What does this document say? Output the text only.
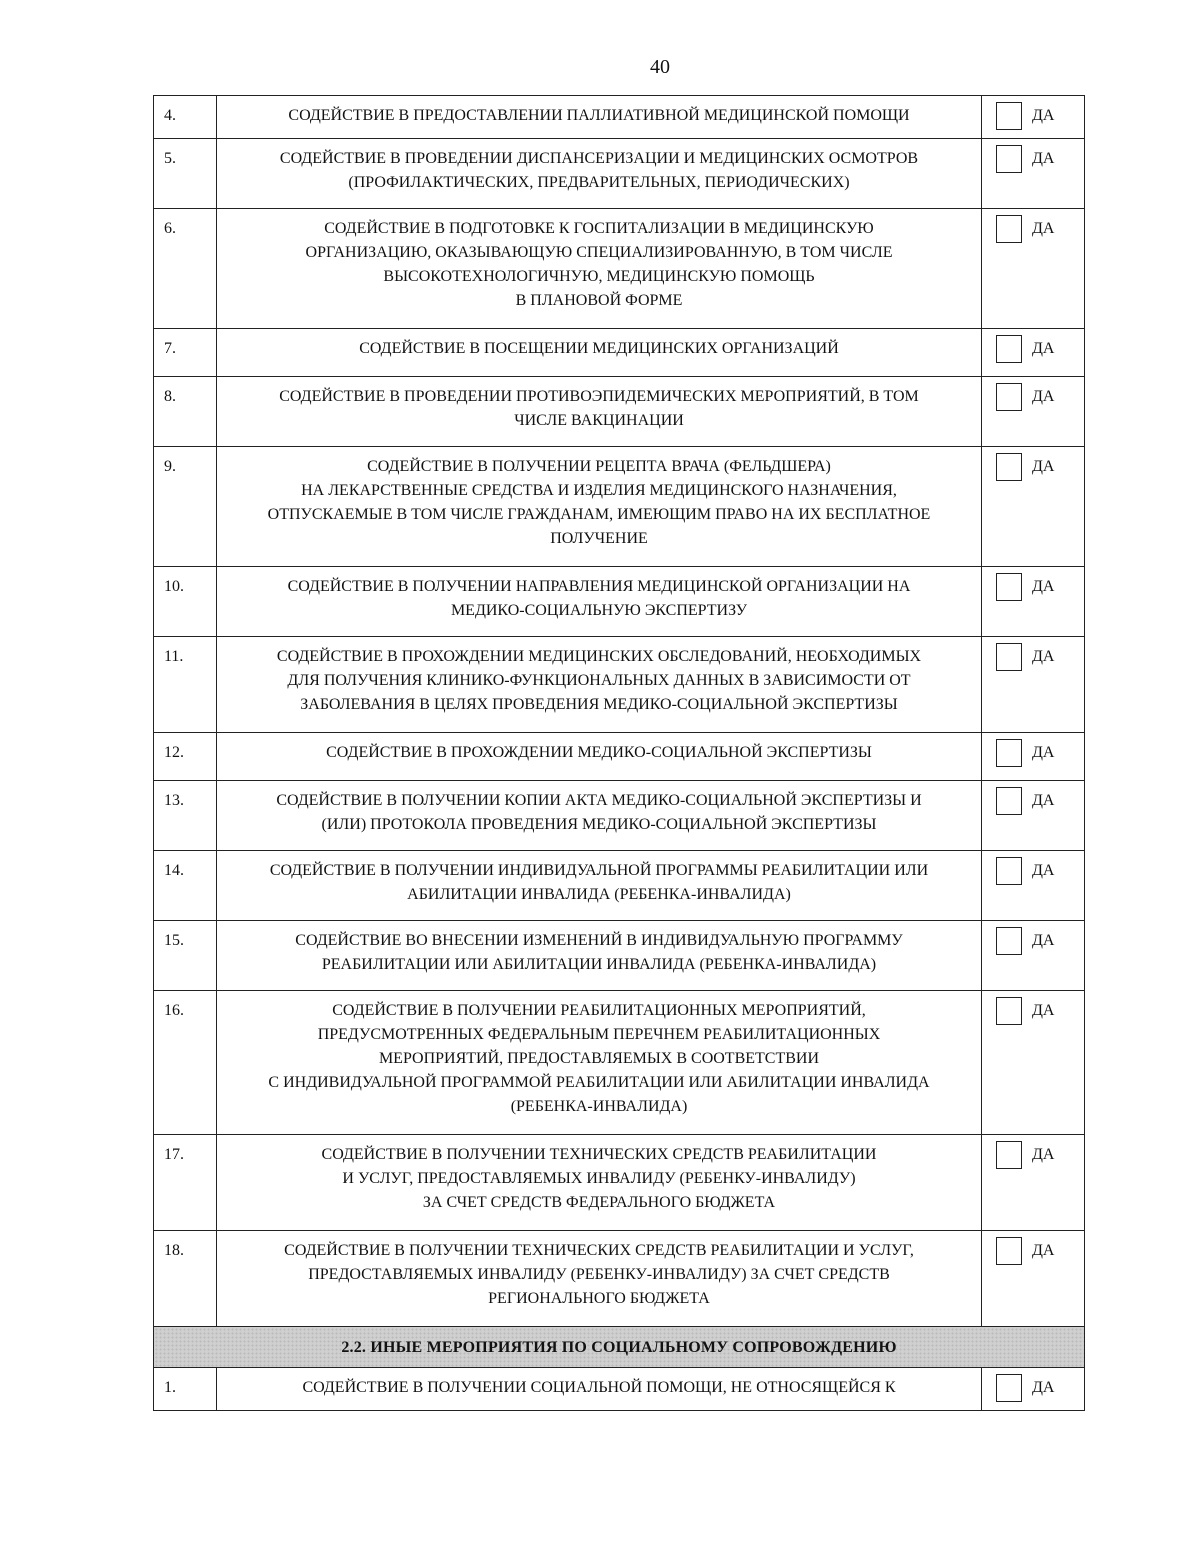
40
4.	СОДЕЙСТВИЕ В ПРЕДОСТАВЛЕНИИ ПАЛЛИАТИВНОЙ МЕДИЦИНСКОЙ ПОМОЩИ	ДА

5.	СОДЕЙСТВИЕ В ПРОВЕДЕНИИ ДИСПАНСЕРИЗАЦИИ И МЕДИЦИНСКИХ ОСМОТРОВ
(ПРОФИЛАКТИЧЕСКИХ, ПРЕДВАРИТЕЛЬНЫХ, ПЕРИОДИЧЕСКИХ)	ДА

6.	СОДЕЙСТВИЕ В ПОДГОТОВКЕ К ГОСПИТАЛИЗАЦИИ В МЕДИЦИНСКУЮ
ОРГАНИЗАЦИЮ, ОКАЗЫВАЮЩУЮ СПЕЦИАЛИЗИРОВАННУЮ, В ТОМ ЧИСЛЕ
ВЫСОКОТЕХНОЛОГИЧНУЮ, МЕДИЦИНСКУЮ ПОМОЩЬ
В ПЛАНОВОЙ ФОРМЕ	ДА

7.	СОДЕЙСТВИЕ В ПОСЕЩЕНИИ МЕДИЦИНСКИХ ОРГАНИЗАЦИЙ	ДА

8.	СОДЕЙСТВИЕ В ПРОВЕДЕНИИ ПРОТИВОЭПИДЕМИЧЕСКИХ МЕРОПРИЯТИЙ, В ТОМ
ЧИСЛЕ ВАКЦИНАЦИИ	ДА

9.	СОДЕЙСТВИЕ В ПОЛУЧЕНИИ РЕЦЕПТА ВРАЧА (ФЕЛЬДШЕРА)
НА ЛЕКАРСТВЕННЫЕ СРЕДСТВА И ИЗДЕЛИЯ МЕДИЦИНСКОГО НАЗНАЧЕНИЯ,
ОТПУСКАЕМЫЕ В ТОМ ЧИСЛЕ ГРАЖДАНАМ, ИМЕЮЩИМ ПРАВО НА ИХ БЕСПЛАТНОЕ
ПОЛУЧЕНИЕ	ДА

10.	СОДЕЙСТВИЕ В ПОЛУЧЕНИИ НАПРАВЛЕНИЯ МЕДИЦИНСКОЙ ОРГАНИЗАЦИИ НА
МЕДИКО-СОЦИАЛЬНУЮ ЭКСПЕРТИЗУ	ДА

11.	СОДЕЙСТВИЕ В ПРОХОЖДЕНИИ МЕДИЦИНСКИХ ОБСЛЕДОВАНИЙ, НЕОБХОДИМЫХ
ДЛЯ ПОЛУЧЕНИЯ КЛИНИКО-ФУНКЦИОНАЛЬНЫХ ДАННЫХ В ЗАВИСИМОСТИ ОТ
ЗАБОЛЕВАНИЯ В ЦЕЛЯХ ПРОВЕДЕНИЯ МЕДИКО-СОЦИАЛЬНОЙ ЭКСПЕРТИЗЫ	ДА

12.	СОДЕЙСТВИЕ В ПРОХОЖДЕНИИ МЕДИКО-СОЦИАЛЬНОЙ ЭКСПЕРТИЗЫ	ДА

13.	СОДЕЙСТВИЕ В ПОЛУЧЕНИИ КОПИИ АКТА МЕДИКО-СОЦИАЛЬНОЙ ЭКСПЕРТИЗЫ И
(ИЛИ) ПРОТОКОЛА ПРОВЕДЕНИЯ МЕДИКО-СОЦИАЛЬНОЙ ЭКСПЕРТИЗЫ	ДА

14.	СОДЕЙСТВИЕ В ПОЛУЧЕНИИ ИНДИВИДУАЛЬНОЙ ПРОГРАММЫ РЕАБИЛИТАЦИИ ИЛИ
АБИЛИТАЦИИ ИНВАЛИДА (РЕБЕНКА-ИНВАЛИДА)	ДА

15.	СОДЕЙСТВИЕ ВО ВНЕСЕНИИ ИЗМЕНЕНИЙ В ИНДИВИДУАЛЬНУЮ ПРОГРАММУ
РЕАБИЛИТАЦИИ ИЛИ АБИЛИТАЦИИ ИНВАЛИДА (РЕБЕНКА-ИНВАЛИДА)	ДА

16.	СОДЕЙСТВИЕ В ПОЛУЧЕНИИ РЕАБИЛИТАЦИОННЫХ МЕРОПРИЯТИЙ,
ПРЕДУСМОТРЕННЫХ ФЕДЕРАЛЬНЫМ ПЕРЕЧНЕМ РЕАБИЛИТАЦИОННЫХ
МЕРОПРИЯТИЙ, ПРЕДОСТАВЛЯЕМЫХ В СООТВЕТСТВИИ
С ИНДИВИДУАЛЬНОЙ ПРОГРАММОЙ РЕАБИЛИТАЦИИ ИЛИ АБИЛИТАЦИИ ИНВАЛИДА
(РЕБЕНКА-ИНВАЛИДА)	ДА

17.	СОДЕЙСТВИЕ В ПОЛУЧЕНИИ ТЕХНИЧЕСКИХ СРЕДСТВ РЕАБИЛИТАЦИИ
И УСЛУГ, ПРЕДОСТАВЛЯЕМЫХ ИНВАЛИДУ (РЕБЕНКУ-ИНВАЛИДУ)
ЗА СЧЕТ СРЕДСТВ ФЕДЕРАЛЬНОГО БЮДЖЕТА	ДА

18.	СОДЕЙСТВИЕ В ПОЛУЧЕНИИ ТЕХНИЧЕСКИХ СРЕДСТВ РЕАБИЛИТАЦИИ И УСЛУГ,
ПРЕДОСТАВЛЯЕМЫХ ИНВАЛИДУ (РЕБЕНКУ-ИНВАЛИДУ) ЗА СЧЕТ СРЕДСТВ
РЕГИОНАЛЬНОГО БЮДЖЕТА	ДА

2.2. ИНЫЕ МЕРОПРИЯТИЯ ПО СОЦИАЛЬНОМУ СОПРОВОЖДЕНИЮ		
1.	СОДЕЙСТВИЕ В ПОЛУЧЕНИИ СОЦИАЛЬНОЙ ПОМОЩИ, НЕ ОТНОСЯЩЕЙСЯ К	ДА
